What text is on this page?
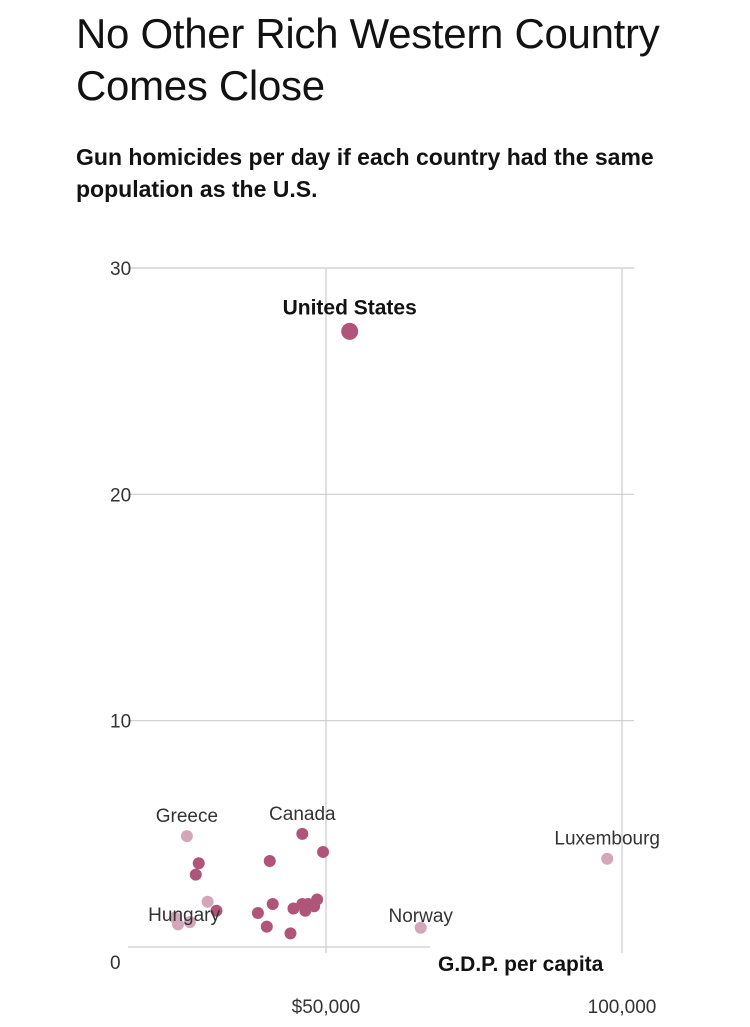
No Other Rich Western Country Comes Close

Gun homicides per day if each country had the same population as the U.S.

0
10
20
30
$50,000	100,000
United States
Canada
Greece
Luxembourg
Norway
Hungary
G.D.P. per capita
